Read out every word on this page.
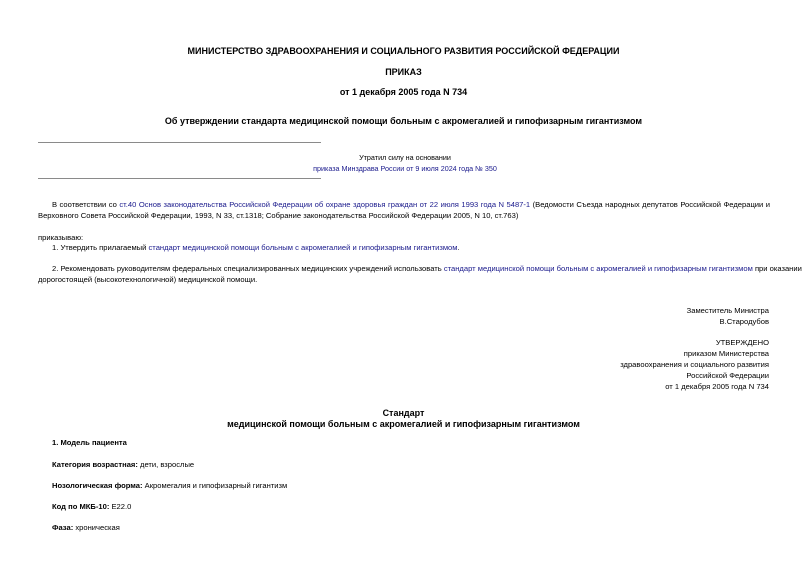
МИНИСТЕРСТВО ЗДРАВООХРАНЕНИЯ И СОЦИАЛЬНОГО РАЗВИТИЯ РОССИЙСКОЙ ФЕДЕРАЦИИ
ПРИКАЗ
от 1 декабря 2005 года N 734
Об утверждении стандарта медицинской помощи больным с акромегалией и гипофизарным гигантизмом
Утратил силу на основании
В соответствии со ст.40 Основ законодательства Российской Федерации об охране здоровья граждан от 22 июля 1993 года N 5487-1 (Ведомости Съезда народных депутатов Российской Федерации и
Верховного Совета Российской Федерации, 1993, N 33, ст.1318; Собрание законодательства Российской Федерации 2005, N 10, ст.763)
приказываю:
1. Утвердить прилагаемый стандарт медицинской помощи больным с акромегалией и гипофизарным гигантизмом.
2. Рекомендовать руководителям федеральных специализированных медицинских учреждений использовать стандарт медицинской помощи больным с акромегалией и гипофизарным гигантизмом при оказании
дорогостоящей (высокотехнологичной) медицинской помощи.
Заместитель Министра
В.Стародубов
УТВЕРЖДЕНО
приказом Министерства
здравоохранения и социального развития
Российской Федерации
от 1 декабря 2005 года N 734
Стандарт
медицинской помощи больным с акромегалией и гипофизарным гигантизмом
1. Модель пациента
Категория возрастная: дети, взрослые
Нозологическая форма: Акромегалия и гипофизарный гигантизм
Код по МКБ-10: E22.0
Фаза: хроническая
приказа Минздрава России от 9 июля 2024 года № 350
